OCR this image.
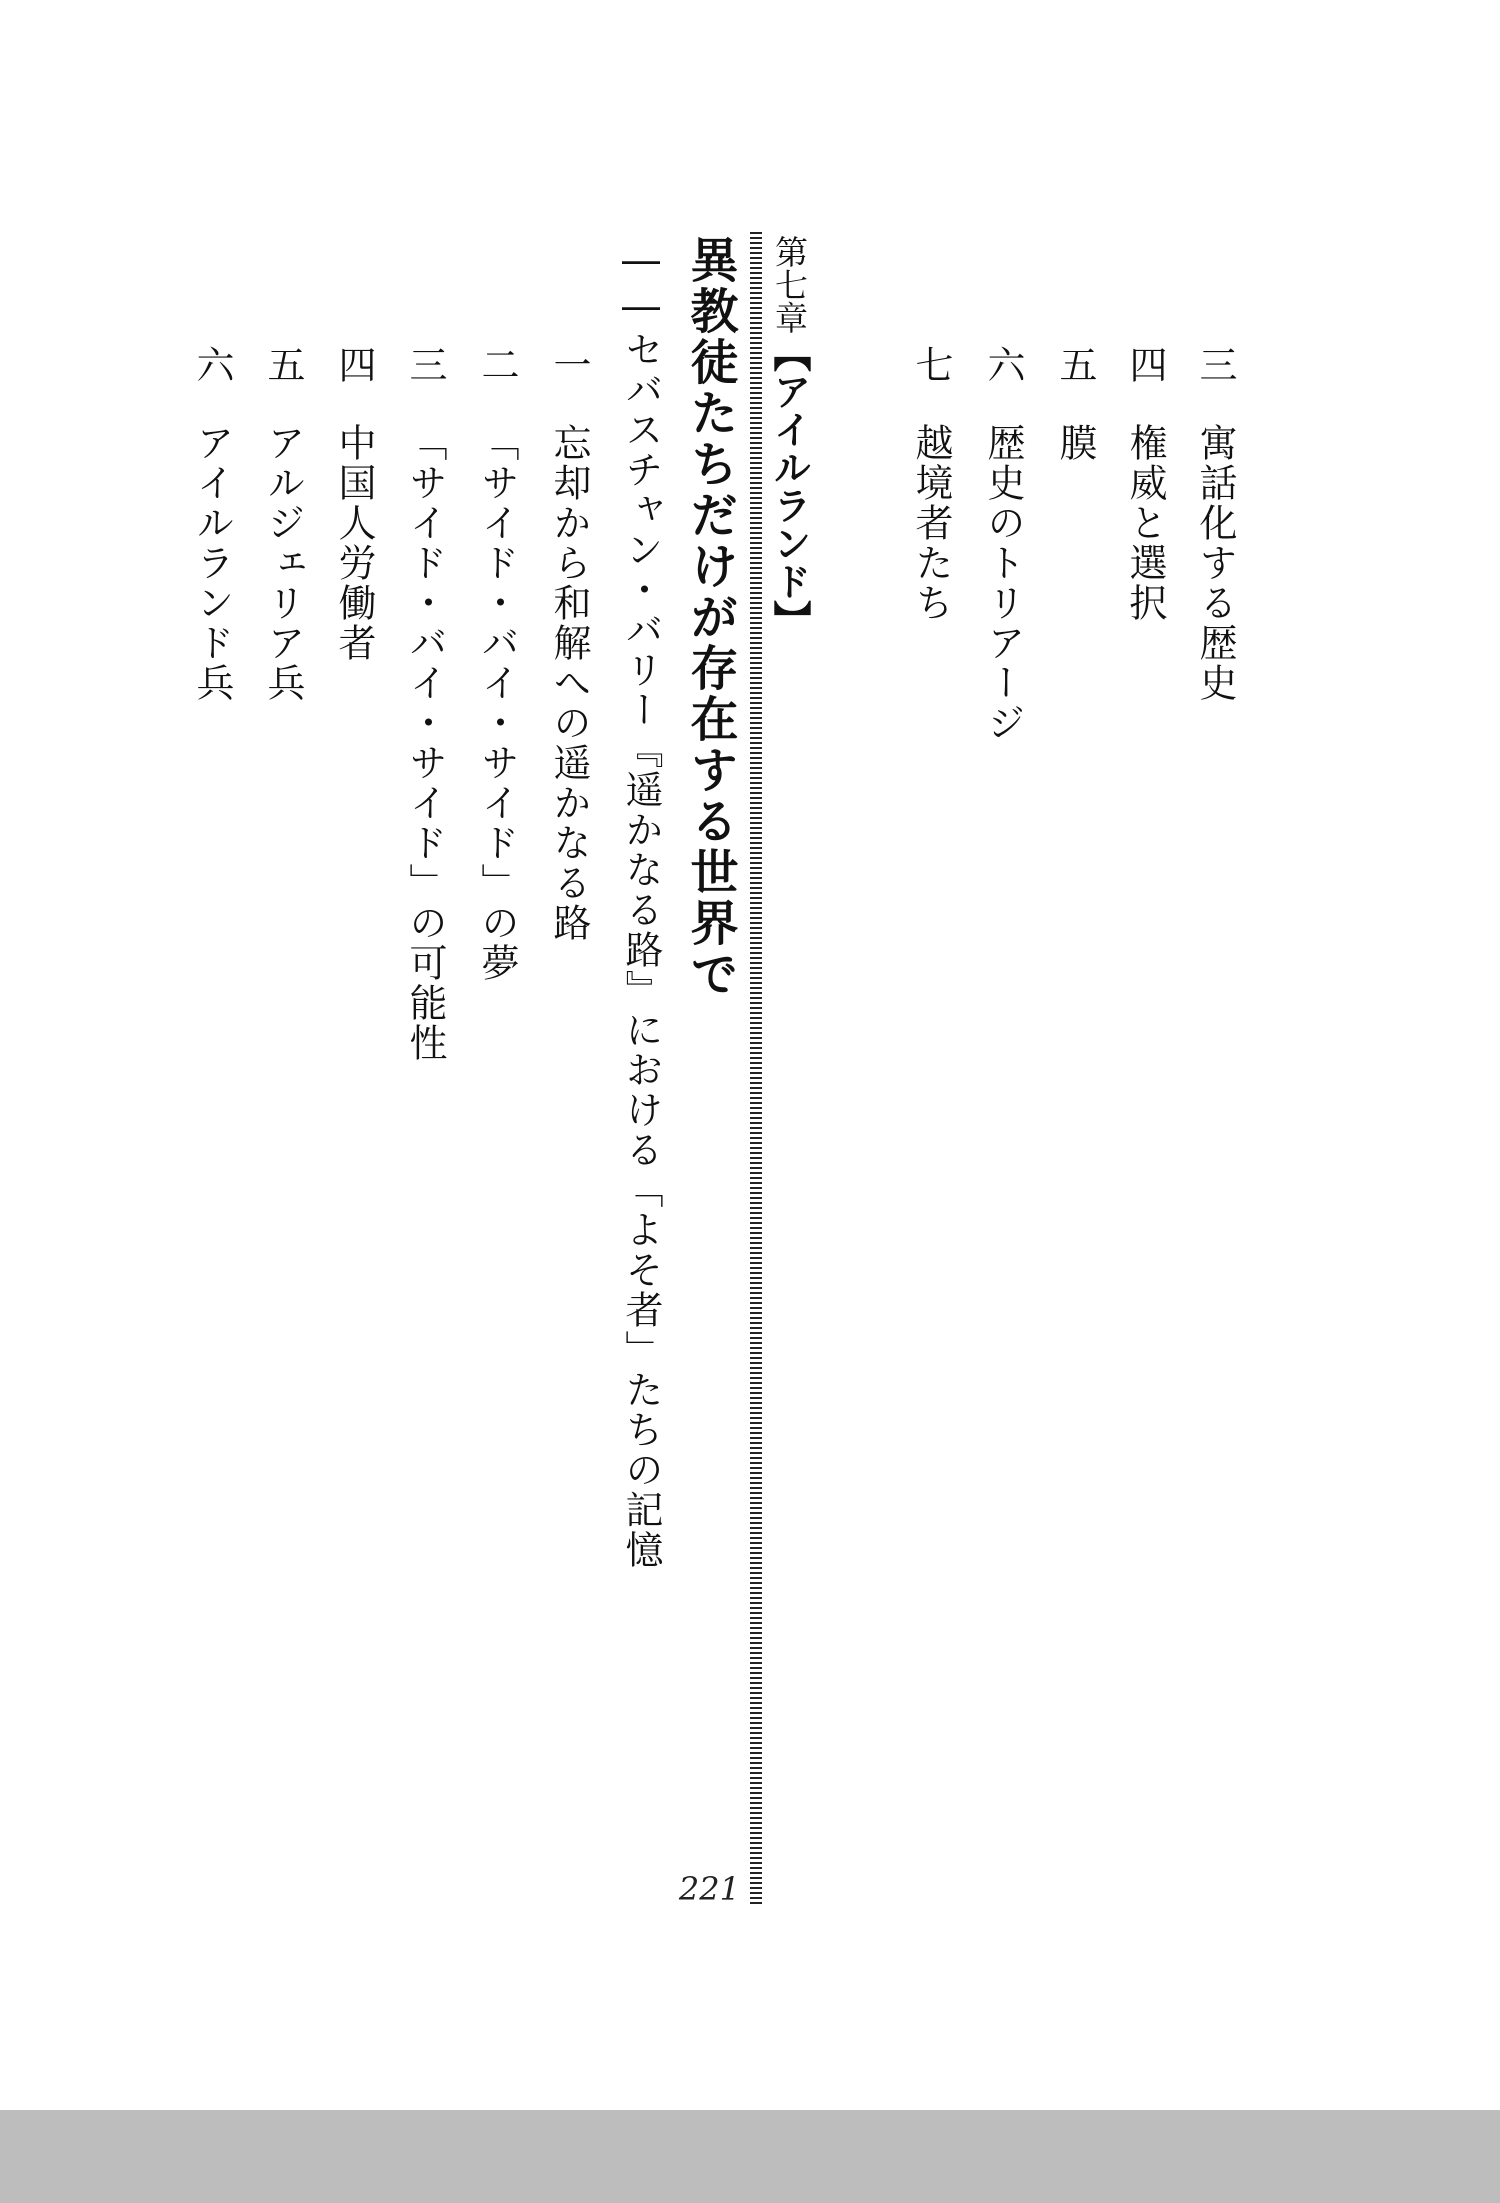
三寓話化する歴史
四権威と選択
五膜
六歴史のトリアージ
七越境者たち
第七章【アイルランド】
異教徒たちだけが存在する世界で
――セバスチャン・バリー『遥かなる路』における「よそ者」たちの記憶
221
一忘却から和解への遥かなる路
二「サイド・バイ・サイド」の夢
三「サイド・バイ・サイド」の可能性
四中国人労働者
五アルジェリア兵
六アイルランド兵
